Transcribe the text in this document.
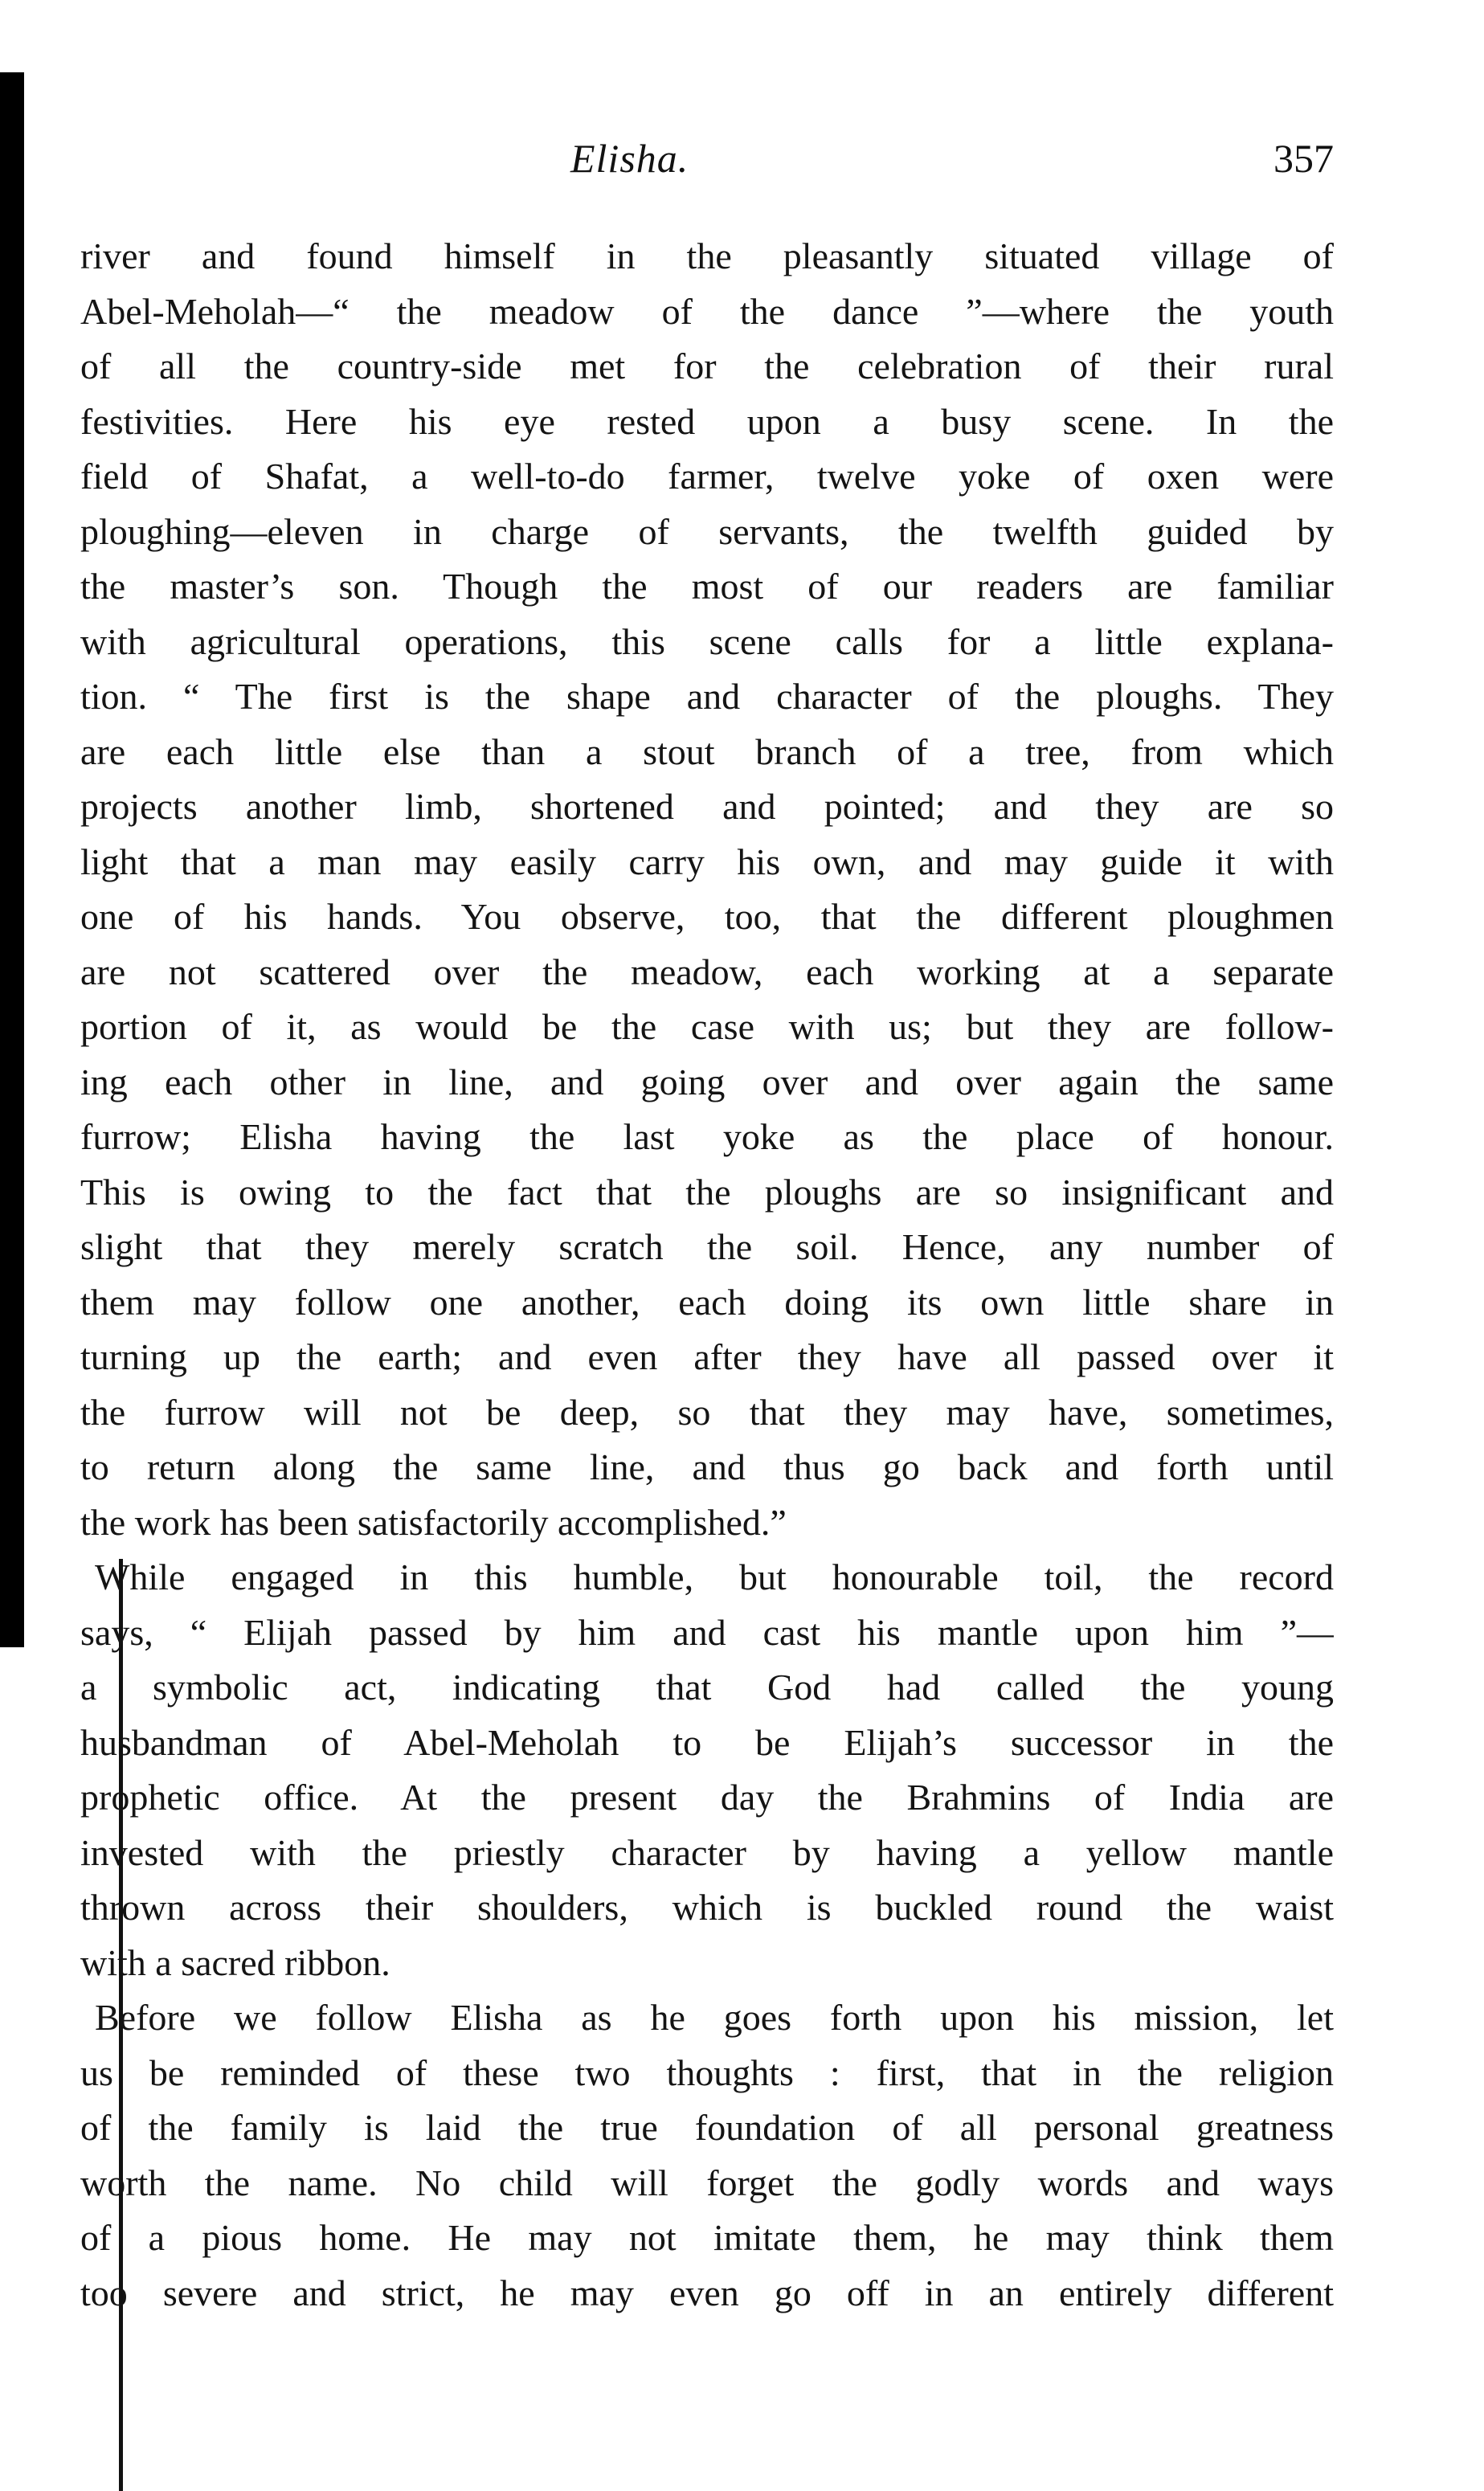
Elisha.	357
river and found himself in the pleasantly situated village of
Abel-Meholah—“ the meadow of the dance ”—where the youth
of all the country-side met for the celebration of their rural
festivities. Here his eye rested upon a busy scene. In the
field of Shafat, a well-to-do farmer, twelve yoke of oxen were
ploughing—eleven in charge of servants, the twelfth guided by
the master’s son. Though the most of our readers are familiar
with agricultural operations, this scene calls for a little explana-
tion. “ The first is the shape and character of the ploughs. They
are each little else than a stout branch of a tree, from which
projects another limb, shortened and pointed; and they are so
light that a man may easily carry his own, and may guide it with
one of his hands. You observe, too, that the different ploughmen
are not scattered over the meadow, each working at a separate
portion of it, as would be the case with us; but they are follow-
ing each other in line, and going over and over again the same
furrow; Elisha having the last yoke as the place of honour.
This is owing to the fact that the ploughs are so insignificant and
slight that they merely scratch the soil. Hence, any number of
them may follow one another, each doing its own little share in
turning up the earth; and even after they have all passed over it
the furrow will not be deep, so that they may have, sometimes,
to return along the same line, and thus go back and forth until
the work has been satisfactorily accomplished.”
While engaged in this humble, but honourable toil, the record
says, “ Elijah passed by him and cast his mantle upon him ”—
a symbolic act, indicating that God had called the young
husbandman of Abel-Meholah to be Elijah’s successor in the
prophetic office. At the present day the Brahmins of India are
invested with the priestly character by having a yellow mantle
thrown across their shoulders, which is buckled round the waist
with a sacred ribbon.
Before we follow Elisha as he goes forth upon his mission, let
us be reminded of these two thoughts : first, that in the religion
of the family is laid the true foundation of all personal greatness
worth the name. No child will forget the godly words and ways
of a pious home. He may not imitate them, he may think them
too severe and strict, he may even go off in an entirely different
